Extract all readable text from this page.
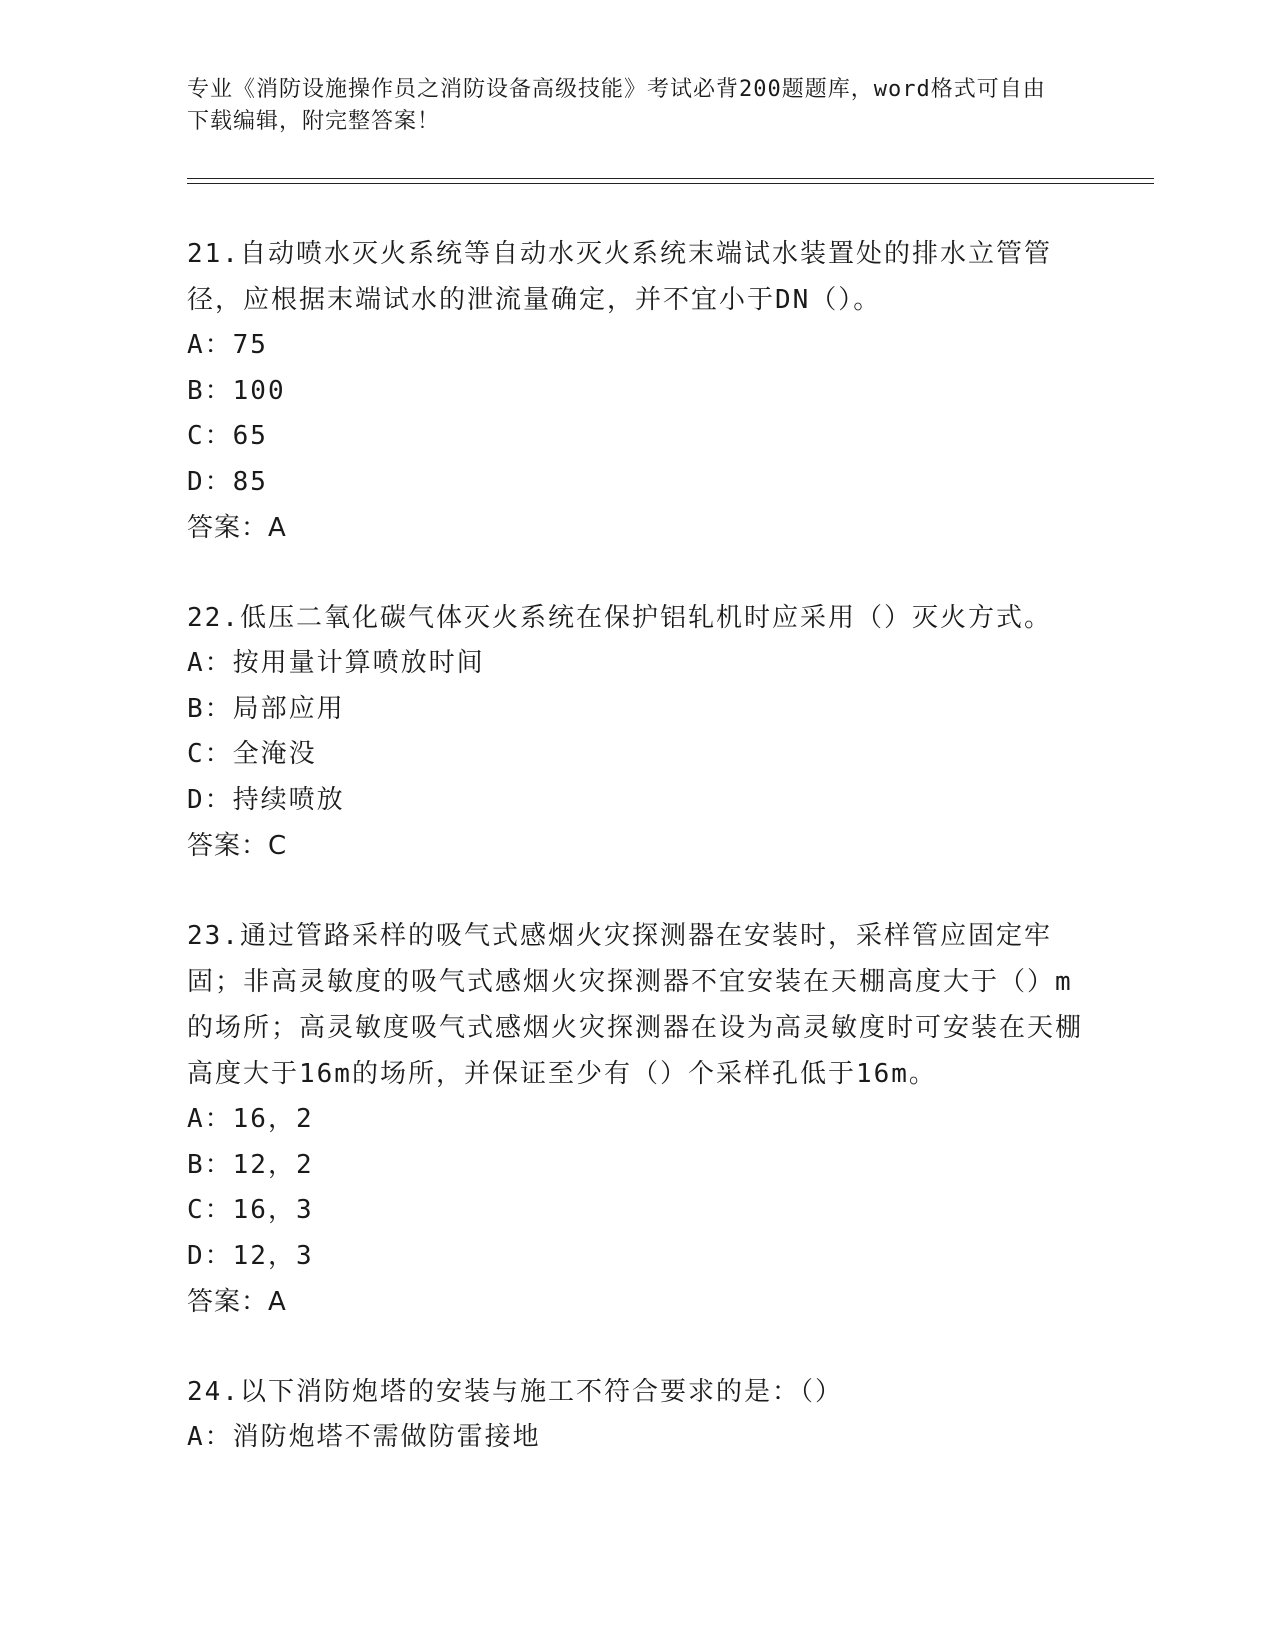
专业《消防设施操作员之消防设备高级技能》考试必背200题题库，word格式可自由下载编辑，附完整答案！

21.自动喷水灭火系统等自动水灭火系统末端试水装置处的排水立管管径，应根据末端试水的泄流量确定，并不宜小于DN（）。

A：75

B：100

C：65

D：85

答案：A

22.低压二氧化碳气体灭火系统在保护铝轧机时应采用（）灭火方式。

A：按用量计算喷放时间

B：局部应用

C：全淹没

D：持续喷放

答案：C

23.通过管路采样的吸气式感烟火灾探测器在安装时，采样管应固定牢固；非高灵敏度的吸气式感烟火灾探测器不宜安装在天棚高度大于（）m的场所；高灵敏度吸气式感烟火灾探测器在设为高灵敏度时可安装在天棚高度大于16m的场所，并保证至少有（）个采样孔低于16m。

A：16，2

B：12，2

C：16，3

D：12，3

答案：A

24.以下消防炮塔的安装与施工不符合要求的是：（）

A：消防炮塔不需做防雷接地
